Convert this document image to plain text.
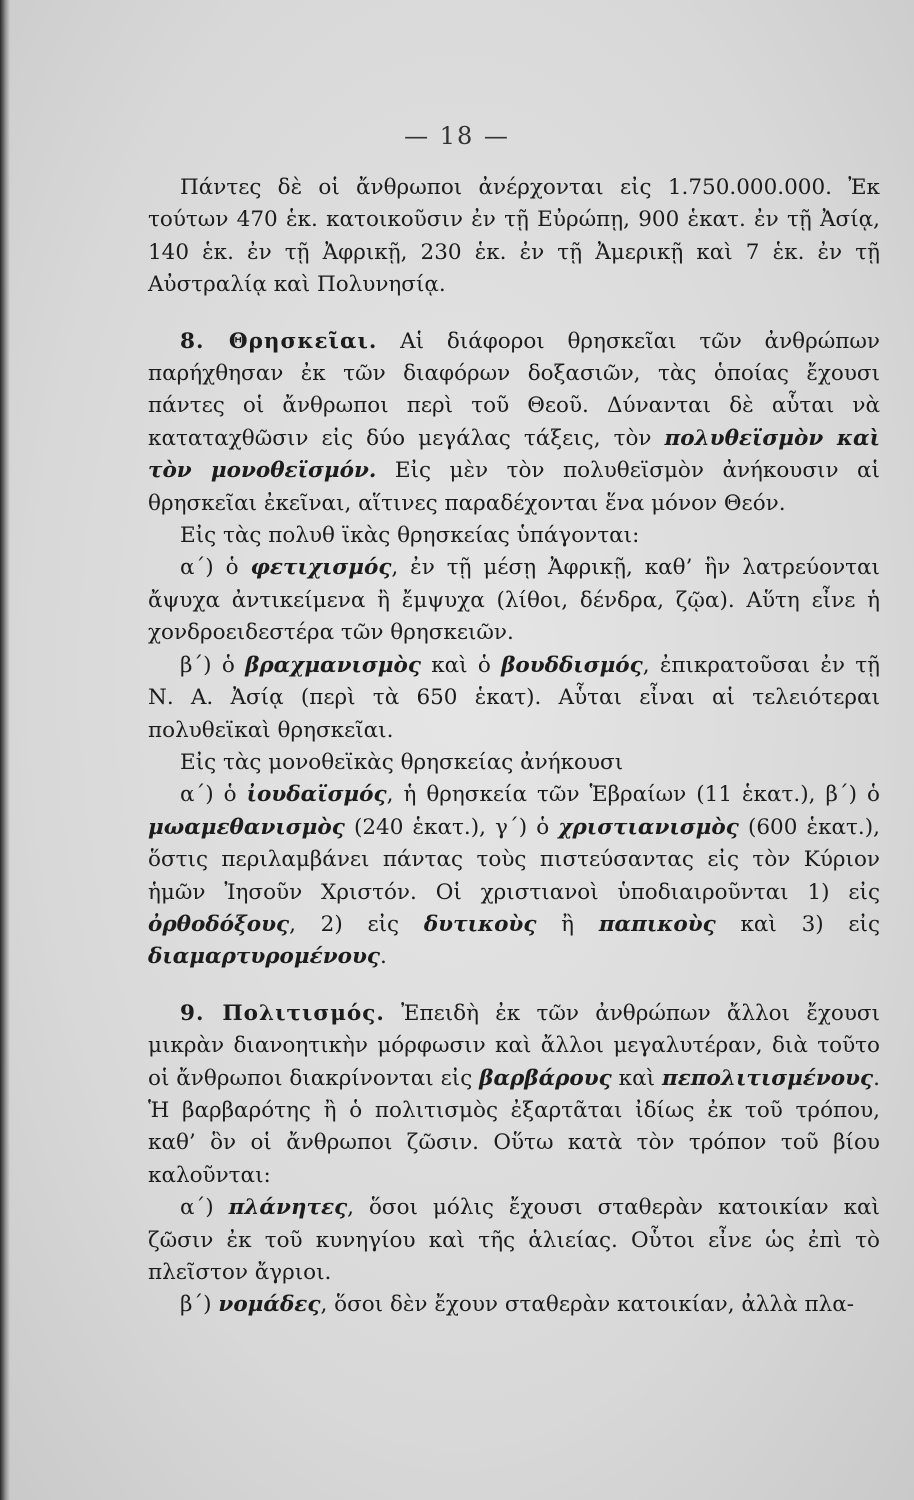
— 18 —

Πάντες δὲ οἱ ἄνθρωποι ἀνέρχονται εἰς 1.750.000.000. Ἐκ τούτων 470 ἑκ. κατοικοῦσιν ἐν τῇ Εὐρώπῃ, 900 ἑκατ. ἐν τῇ Ἀσίᾳ, 140 ἑκ. ἐν τῇ Ἀφρικῇ, 230 ἑκ. ἐν τῇ Ἀμερικῇ καὶ 7 ἑκ. ἐν τῇ Αὐστραλίᾳ καὶ Πολυνησίᾳ.

8. Θρησκεῖαι. Αἱ διάφοροι θρησκεῖαι τῶν ἀνθρώπων παρήχθησαν ἐκ τῶν διαφόρων δοξασιῶν, τὰς ὁποίας ἔχουσι πάντες οἱ ἄνθρωποι περὶ τοῦ Θεοῦ. Δύνανται δὲ αὗται νὰ καταταχθῶσιν εἰς δύο μεγάλας τάξεις, τὸν πολυθεϊσμὸν καὶ τὸν μονοθεϊσμόν. Εἰς μὲν τὸν πολυθεϊσμὸν ἀνήκουσιν αἱ θρησκεῖαι ἐκεῖναι, αἵτινες παραδέχονται ἕνα μόνον Θεόν.

Εἰς τὰς πολυθ ϊκὰς θρησκείας ὑπάγονται:

α΄) ὁ φετιχισμός, ἐν τῇ μέσῃ Ἀφρικῇ, καθ’ ἣν λατρεύονται ἄψυχα ἀντικείμενα ἢ ἔμψυχα (λίθοι, δένδρα, ζῷα). Αὕτη εἶνε ἡ χονδροειδεστέρα τῶν θρησκειῶν.

β΄) ὁ βραχμανισμὸς καὶ ὁ βουδδισμός, ἐπικρατοῦσαι ἐν τῇ Ν. Α. Ἀσίᾳ (περὶ τὰ 650 ἑκατ). Αὗται εἶναι αἱ τελειότεραι πολυθεϊκαὶ θρησκεῖαι.

Εἰς τὰς μονοθεϊκὰς θρησκείας ἀνήκουσι

α΄) ὁ ἰουδαϊσμός, ἡ θρησκεία τῶν Ἑβραίων (11 ἑκατ.), β΄) ὁ μωαμεθανισμὸς (240 ἑκατ.), γ΄) ὁ χριστιανισμὸς (600 ἑκατ.), ὅστις περιλαμβάνει πάντας τοὺς πιστεύσαντας εἰς τὸν Κύριον ἡμῶν Ἰησοῦν Χριστόν. Οἱ χριστιανοὶ ὑποδιαιροῦνται 1) εἰς ὀρθοδόξους, 2) εἰς δυτικοὺς ἢ παπικοὺς καὶ 3) εἰς διαμαρτυρομένους.

9. Πολιτισμός. Ἐπειδὴ ἐκ τῶν ἀνθρώπων ἄλλοι ἔχουσι μικρὰν διανοητικὴν μόρφωσιν καὶ ἄλλοι μεγαλυτέραν, διὰ τοῦτο οἱ ἄνθρωποι διακρίνονται εἰς βαρβάρους καὶ πεπολιτισμένους. Ἡ βαρβαρότης ἢ ὁ πολιτισμὸς ἐξαρτᾶται ἰδίως ἐκ τοῦ τρόπου, καθ’ ὃν οἱ ἄνθρωποι ζῶσιν. Οὕτω κατὰ τὸν τρόπον τοῦ βίου καλοῦνται:

α΄) πλάνητες, ὅσοι μόλις ἔχουσι σταθερὰν κατοικίαν καὶ ζῶσιν ἐκ τοῦ κυνηγίου καὶ τῆς ἁλιείας. Οὗτοι εἶνε ὡς ἐπὶ τὸ πλεῖστον ἄγριοι.

β΄) νομάδες, ὅσοι δὲν ἔχουν σταθερὰν κατοικίαν, ἀλλὰ πλα-
